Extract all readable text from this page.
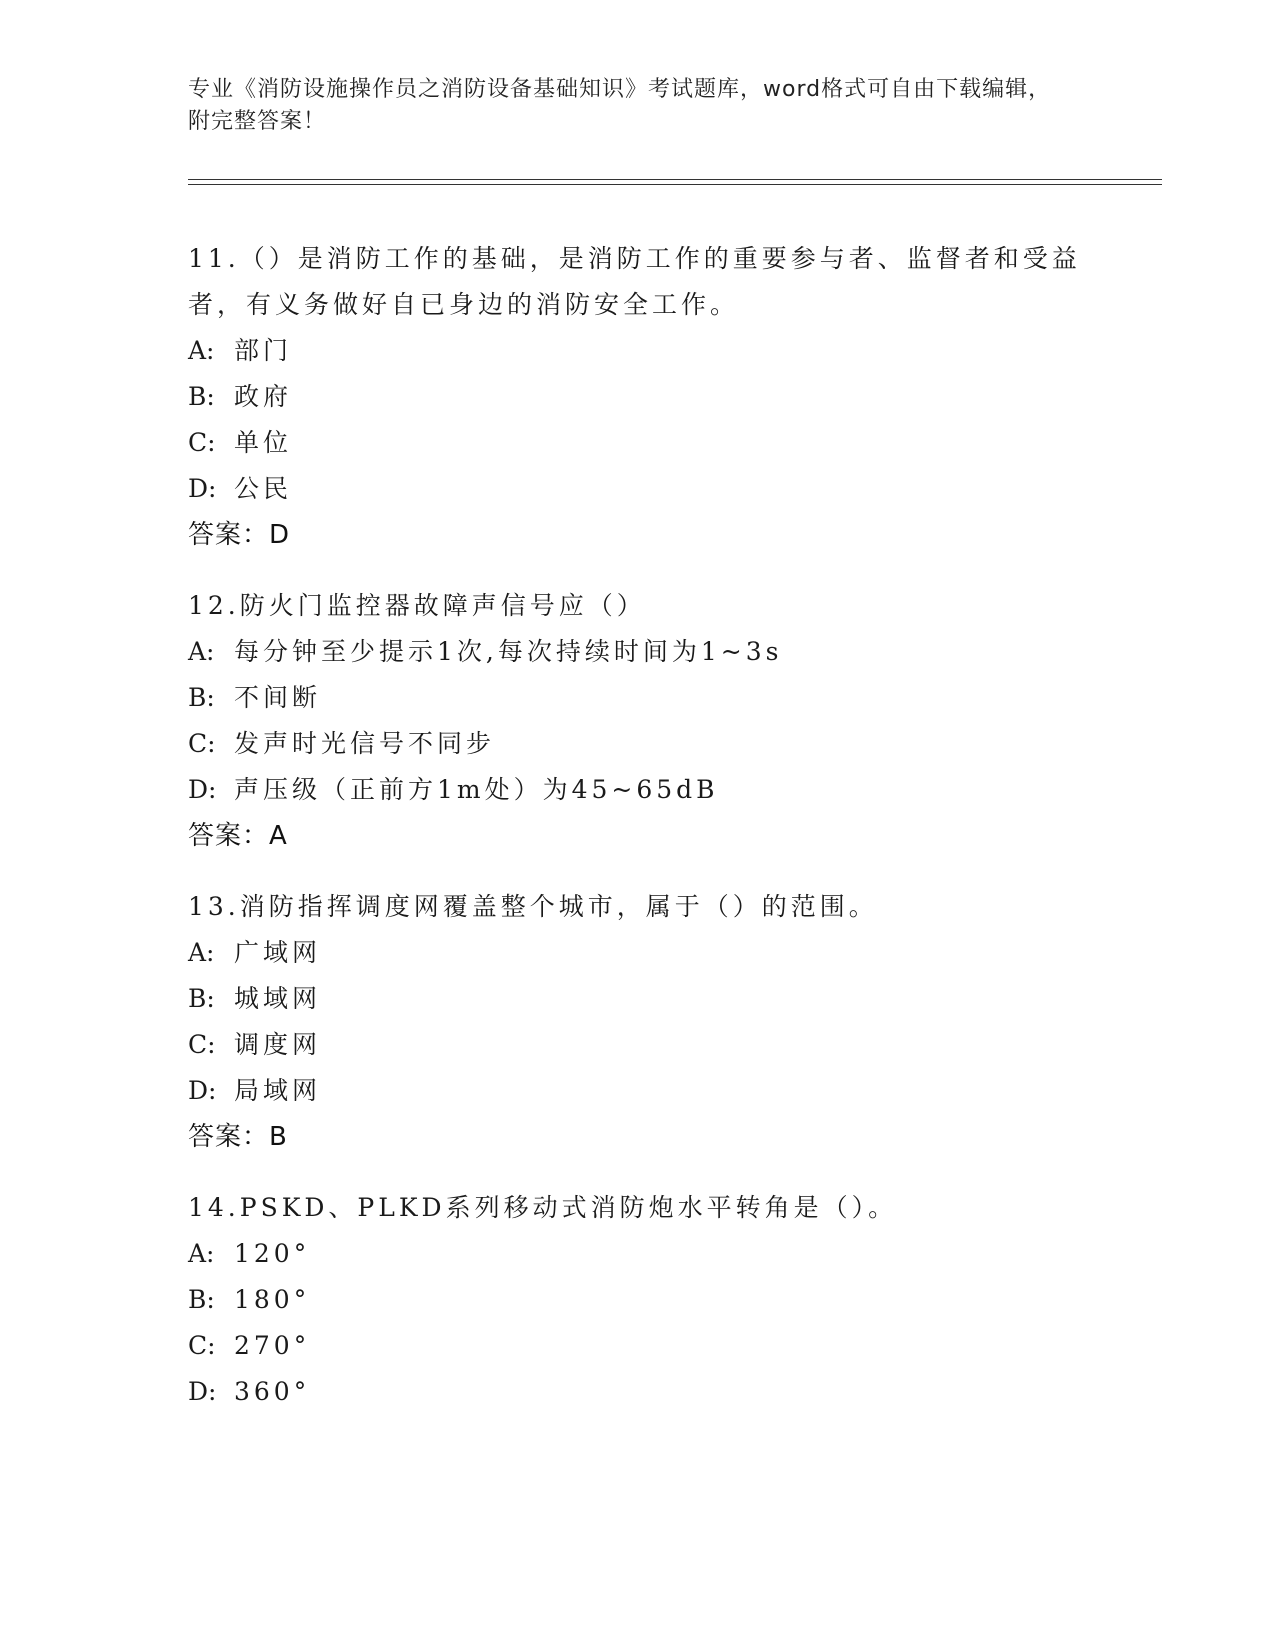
专业《消防设施操作员之消防设备基础知识》考试题库，word格式可自由下载编辑，附完整答案！
11.（）是消防工作的基础，是消防工作的重要参与者、监督者和受益者，有义务做好自已身边的消防安全工作。
A: 部门
B: 政府
C: 单位
D: 公民
答案：D
12.防火门监控器故障声信号应（）
A: 每分钟至少提示1次,每次持续时间为1~3s
B: 不间断
C: 发声时光信号不同步
D: 声压级（正前方1m处）为45~65dB
答案：A
13.消防指挥调度网覆盖整个城市，属于（）的范围。
A: 广域网
B: 城域网
C: 调度网
D: 局域网
答案：B
14.PSKD、PLKD系列移动式消防炮水平转角是（）。
A: 120°
B: 180°
C: 270°
D: 360°
